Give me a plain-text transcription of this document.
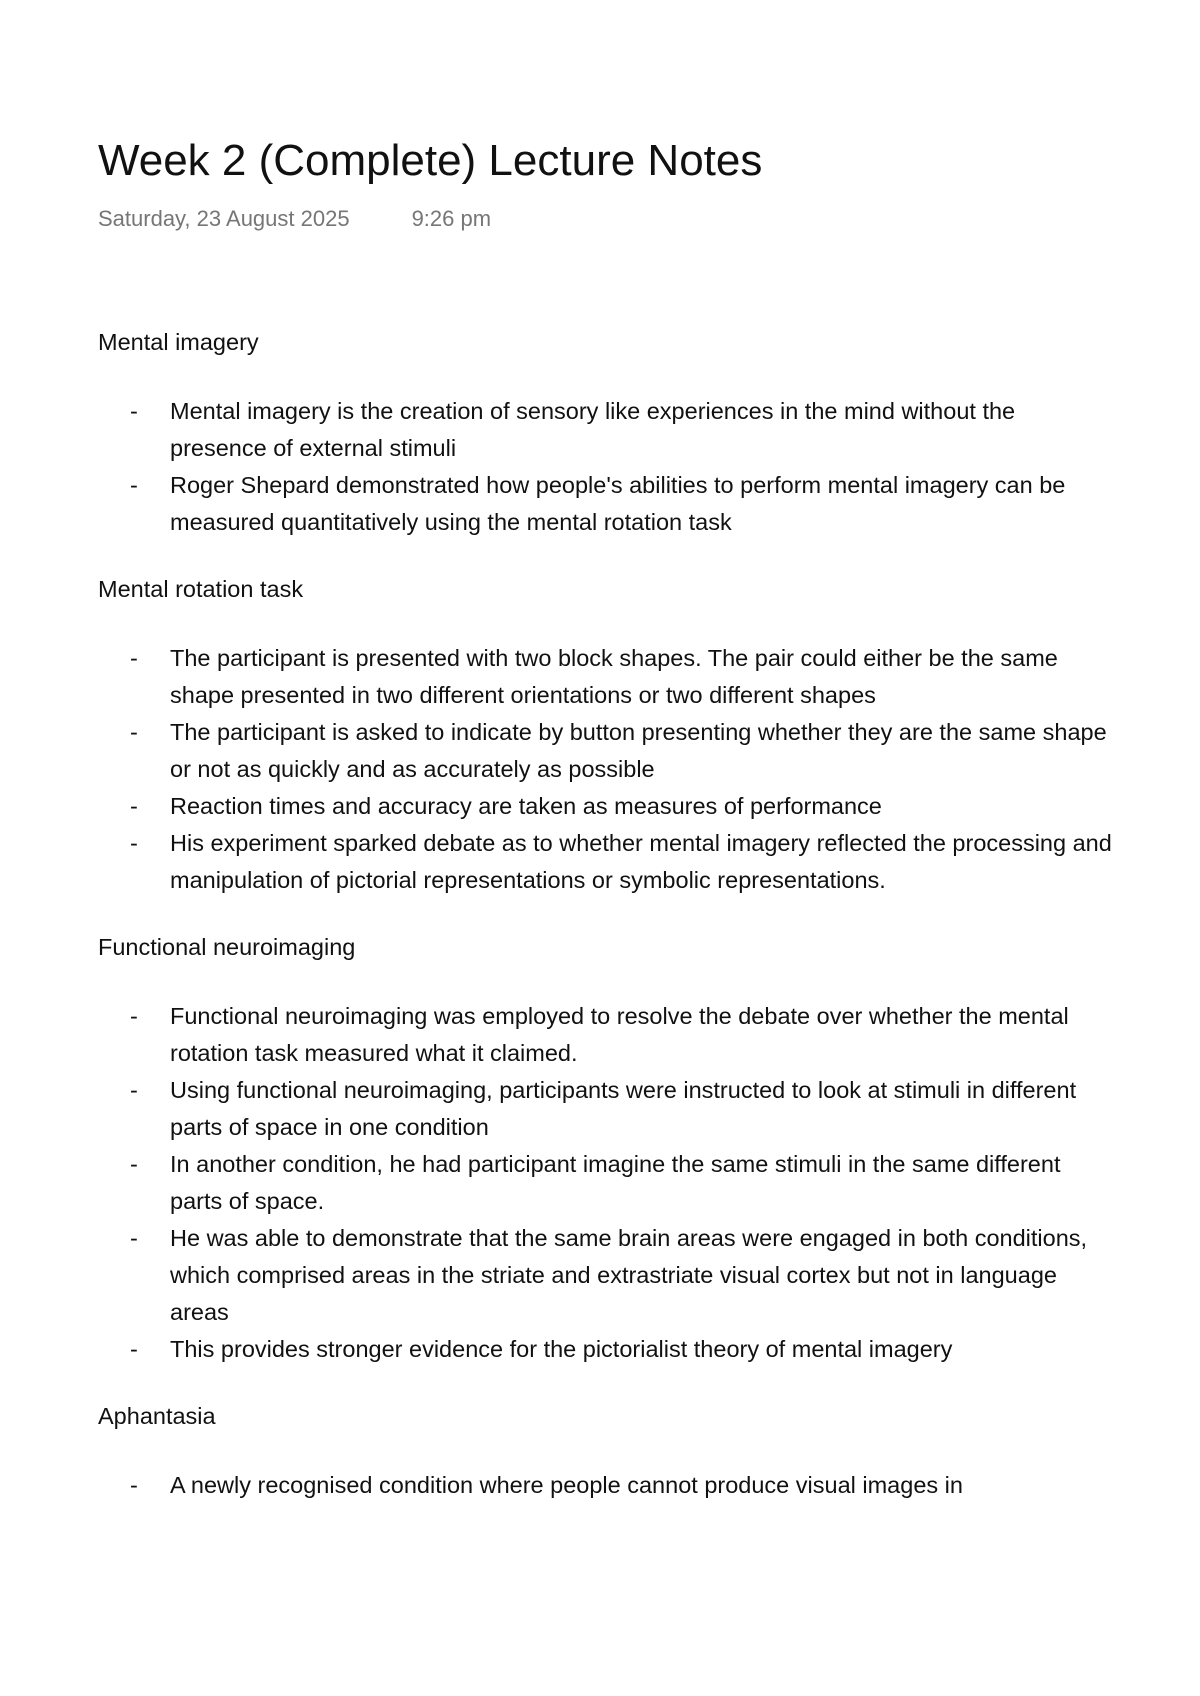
Week 2 (Complete) Lecture Notes
Saturday, 23 August 2025	9:26 pm
Mental imagery
-	Mental imagery is the creation of sensory like experiences in the mind without the presence of external stimuli
-	Roger Shepard demonstrated how people's abilities to perform mental imagery can be measured quantitatively using the mental rotation task
Mental rotation task
-	The participant is presented with two block shapes. The pair could either be the same shape presented in two different orientations or two different shapes
-	The participant is asked to indicate by button presenting whether they are the same shape or not as quickly and as accurately as possible
-	Reaction times and accuracy are taken as measures of performance
-	His experiment sparked debate as to whether mental imagery reflected the processing and manipulation of pictorial representations or symbolic representations.
Functional neuroimaging
-	Functional neuroimaging was employed to resolve the debate over whether the mental rotation task measured what it claimed.
-	Using functional neuroimaging, participants were instructed to look at stimuli in different parts of space in one condition
-	In another condition, he had participant imagine the same stimuli in the same different parts of space.
-	He was able to demonstrate that the same brain areas were engaged in both conditions, which comprised areas in the striate and extrastriate visual cortex but not in language areas
-	This provides stronger evidence for the pictorialist theory of mental imagery
Aphantasia
-	A newly recognised condition where people cannot produce visual images in
